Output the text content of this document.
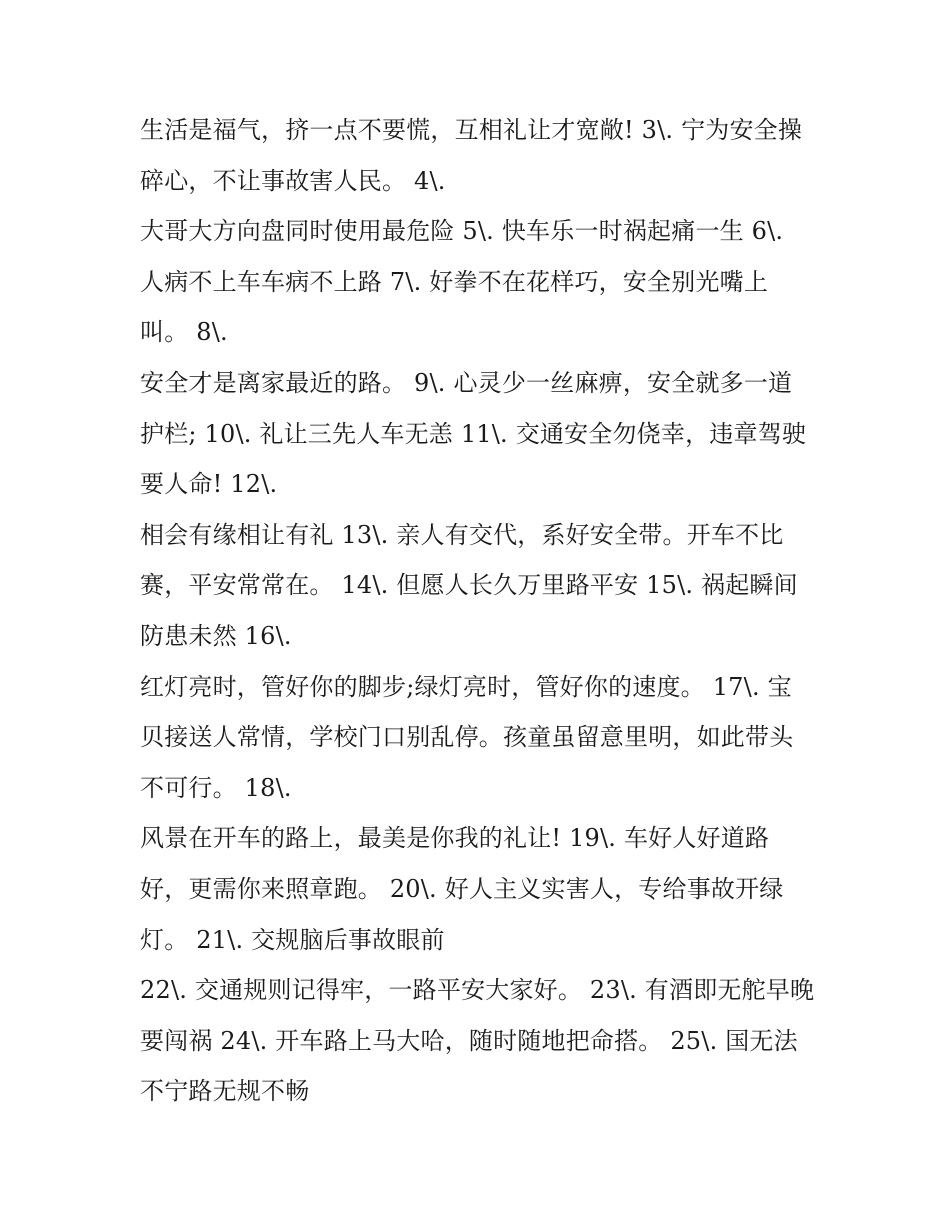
生活是福气，挤一点不要慌，互相礼让才宽敞! 3\. 宁为安全操
碎心，不让事故害人民。 4\.
大哥大方向盘同时使用最危险 5\. 快车乐一时祸起痛一生 6\.
人病不上车车病不上路 7\. 好拳不在花样巧，安全别光嘴上
叫。 8\.
安全才是离家最近的路。 9\. 心灵少一丝麻痹，安全就多一道
护栏; 10\. 礼让三先人车无恙 11\. 交通安全勿侥幸，违章驾驶
要人命! 12\.
相会有缘相让有礼 13\. 亲人有交代，系好安全带。开车不比
赛，平安常常在。 14\. 但愿人长久万里路平安 15\. 祸起瞬间
防患未然 16\.
红灯亮时，管好你的脚步;绿灯亮时，管好你的速度。 17\. 宝
贝接送人常情，学校门口别乱停。孩童虽留意里明，如此带头
不可行。 18\.
风景在开车的路上，最美是你我的礼让! 19\. 车好人好道路
好，更需你来照章跑。 20\. 好人主义实害人，专给事故开绿
灯。 21\. 交规脑后事故眼前
22\. 交通规则记得牢，一路平安大家好。 23\. 有酒即无舵早晚
要闯祸 24\. 开车路上马大哈，随时随地把命搭。 25\. 国无法
不宁路无规不畅
